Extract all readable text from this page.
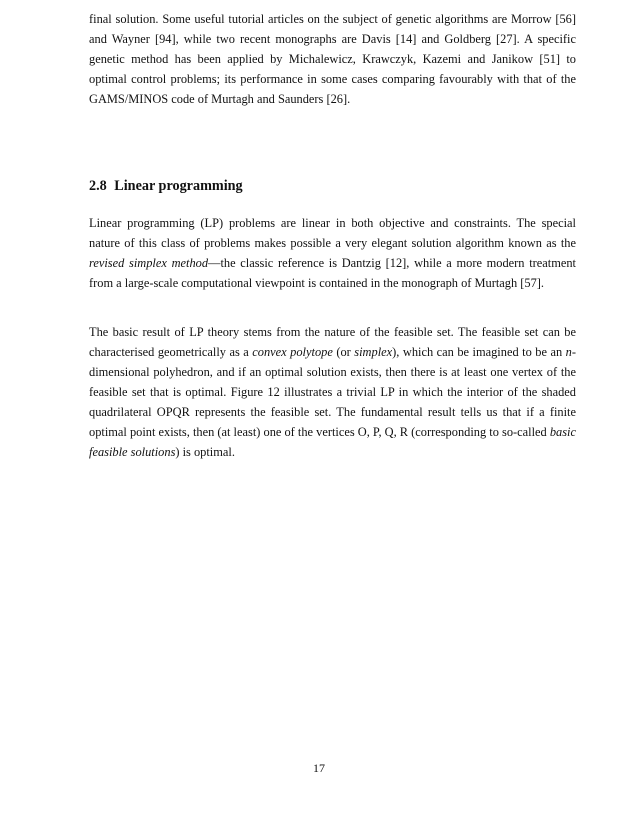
final solution. Some useful tutorial articles on the subject of genetic algorithms are Morrow [56] and Wayner [94], while two recent monographs are Davis [14] and Goldberg [27]. A specific genetic method has been applied by Michalewicz, Krawczyk, Kazemi and Janikow [51] to optimal control problems; its performance in some cases comparing favourably with that of the GAMS/MINOS code of Murtagh and Saunders [26].

2.8 Linear programming

Linear programming (LP) problems are linear in both objective and constraints. The special nature of this class of problems makes possible a very elegant solution algorithm known as the revised simplex method—the classic reference is Dantzig [12], while a more modern treatment from a large-scale computational viewpoint is contained in the monograph of Murtagh [57].

The basic result of LP theory stems from the nature of the feasible set. The feasible set can be characterised geometrically as a convex polytope (or simplex), which can be imagined to be an n-dimensional polyhedron, and if an optimal solution exists, then there is at least one vertex of the feasible set that is optimal. Figure 12 illustrates a trivial LP in which the interior of the shaded quadrilateral OPQR represents the feasible set. The fundamental result tells us that if a finite optimal point exists, then (at least) one of the vertices O, P, Q, R (corresponding to so-called basic feasible solutions) is optimal.

17
